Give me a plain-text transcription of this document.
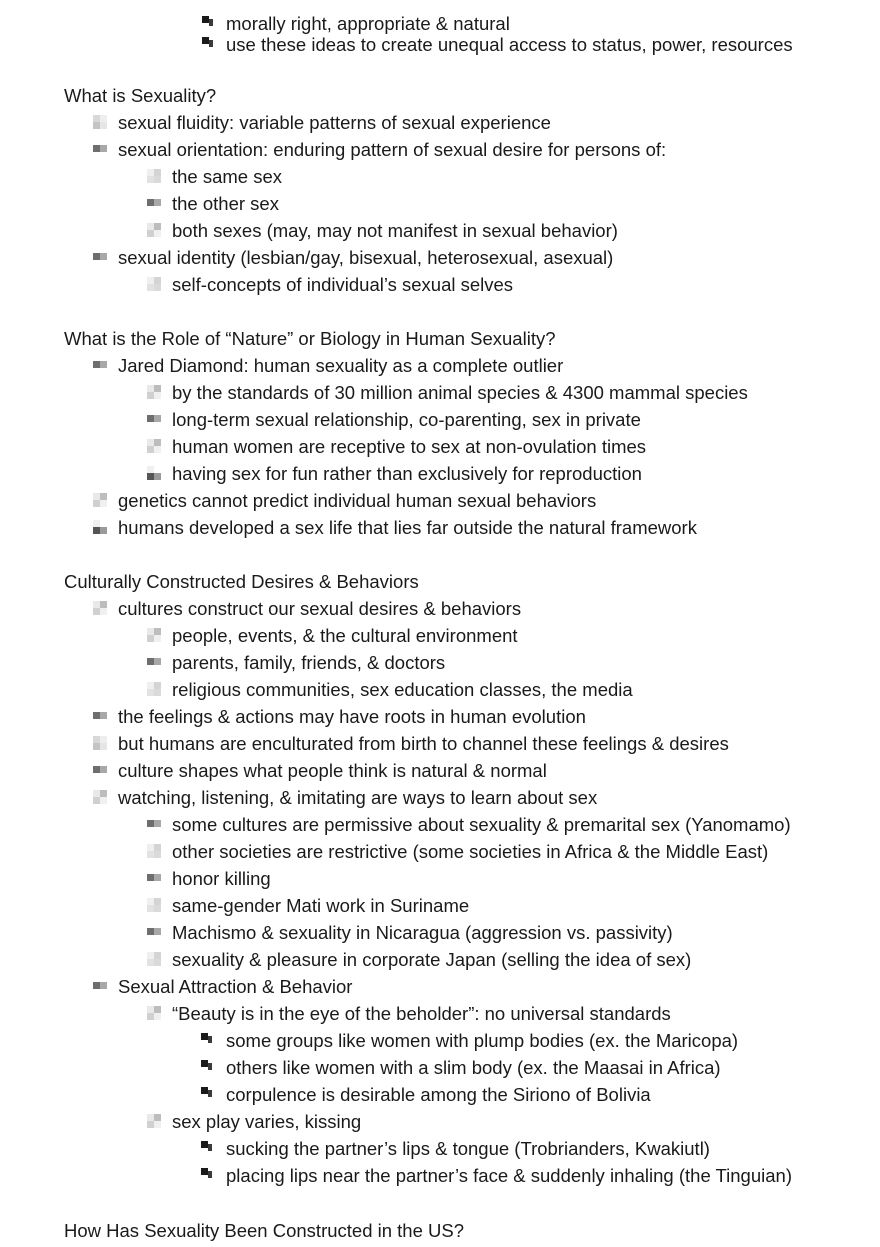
morally right, appropriate & natural
use these ideas to create unequal access to status, power, resources
What is Sexuality?
sexual fluidity: variable patterns of sexual experience
sexual orientation: enduring pattern of sexual desire for persons of:
the same sex
the other sex
both sexes (may, may not manifest in sexual behavior)
sexual identity (lesbian/gay, bisexual, heterosexual, asexual)
self-concepts of individual’s sexual selves
What is the Role of “Nature” or Biology in Human Sexuality?
Jared Diamond: human sexuality as a complete outlier
by the standards of 30 million animal species & 4300 mammal species
long-term sexual relationship, co-parenting, sex in private
human women are receptive to sex at non-ovulation times
having sex for fun rather than exclusively for reproduction
genetics cannot predict individual human sexual behaviors
humans developed a sex life that lies far outside the natural framework
Culturally Constructed Desires & Behaviors
cultures construct our sexual desires & behaviors
people, events, & the cultural environment
parents, family, friends, & doctors
religious communities, sex education classes, the media
the feelings & actions may have roots in human evolution
but humans are enculturated from birth to channel these feelings & desires
culture shapes what people think is natural & normal
watching, listening, & imitating are ways to learn about sex
some cultures are permissive about sexuality & premarital sex (Yanomamo)
other societies are restrictive (some societies in Africa & the Middle East)
honor killing
same-gender Mati work in Suriname
Machismo & sexuality in Nicaragua (aggression vs. passivity)
sexuality & pleasure in corporate Japan (selling the idea of sex)
Sexual Attraction & Behavior
“Beauty is in the eye of the beholder”: no universal standards
some groups like women with plump bodies (ex. the Maricopa)
others like women with a slim body (ex. the Maasai in Africa)
corpulence is desirable among the Siriono of Bolivia
sex play varies, kissing
sucking the partner’s lips & tongue (Trobrianders, Kwakiutl)
placing lips near the partner’s face & suddenly inhaling (the Tinguian)
How Has Sexuality Been Constructed in the US?
